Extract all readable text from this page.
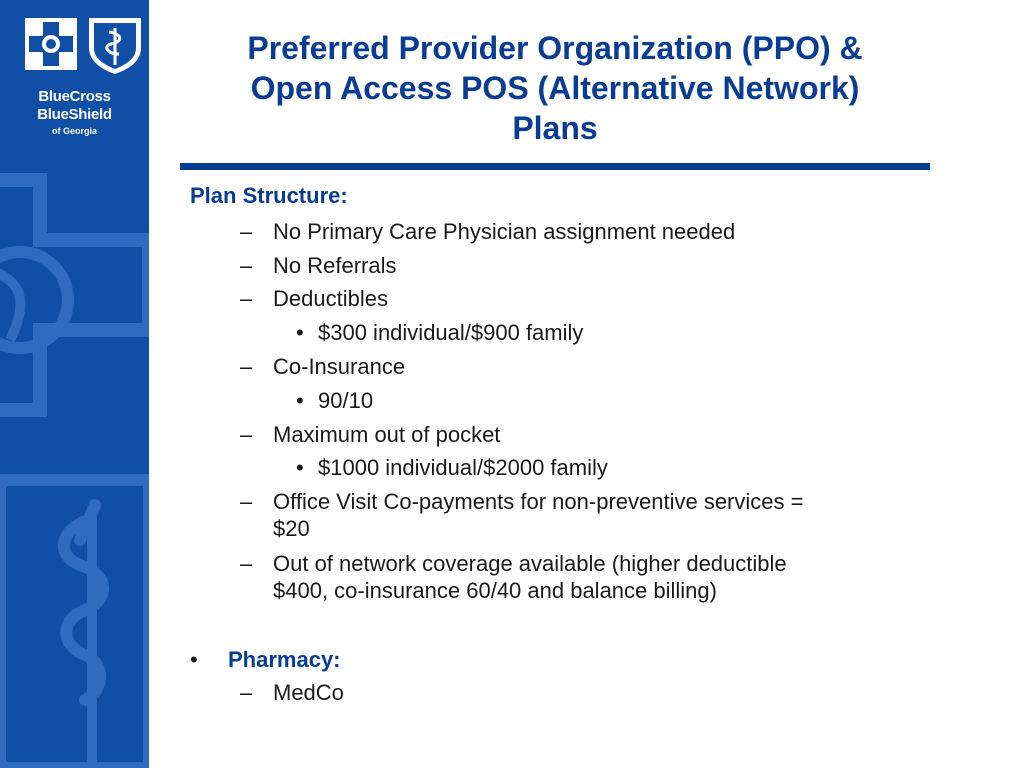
BlueCross
BlueShield
of Georgia
Preferred Provider Organization (PPO) &
Open Access POS (Alternative Network)
Plans
Plan Structure:
– No Primary Care Physician assignment needed
– No Referrals
– Deductibles
• $300 individual/$900 family
– Co-Insurance
• 90/10
– Maximum out of pocket
• $1000 individual/$2000 family
– Office Visit Co-payments for non-preventive services =
$20
– Out of network coverage available (higher deductible
$400, co-insurance 60/40 and balance billing)
• Pharmacy:
– MedCo
